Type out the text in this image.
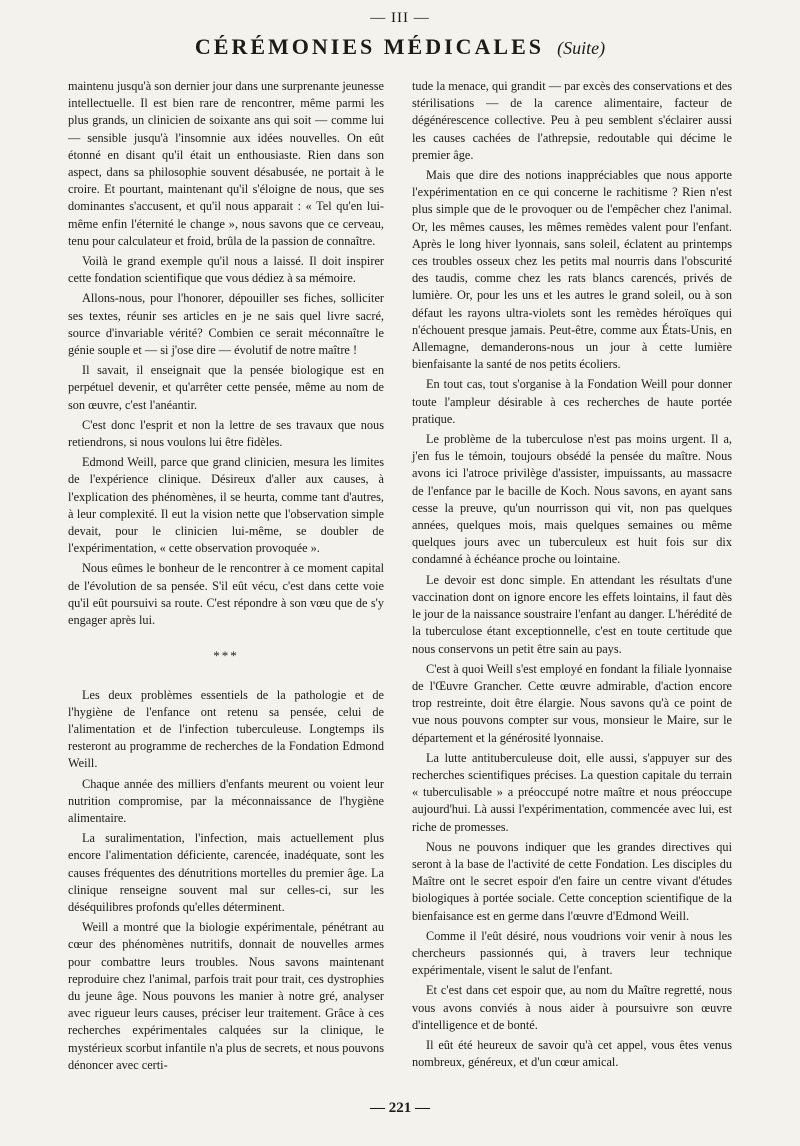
— III —
CÉRÉMONIES MÉDICALES (Suite)

maintenu jusqu'à son dernier jour dans une surprenante jeunesse intellectuelle. Il est bien rare de rencontrer, même parmi les plus grands, un clinicien de soixante ans qui soit — comme lui — sensible jusqu'à l'insomnie aux idées nouvelles. On eût étonné en disant qu'il était un enthousiaste. Rien dans son aspect, dans sa philosophie souvent désabusée, ne portait à le croire. Et pourtant, maintenant qu'il s'éloigne de nous, que ses dominantes s'accusent, et qu'il nous apparait : « Tel qu'en lui-même enfin l'éternité le change », nous savons que ce cerveau, tenu pour calculateur et froid, brûla de la passion de connaître.

Voilà le grand exemple qu'il nous a laissé. Il doit inspirer cette fondation scientifique que vous dédiez à sa mémoire.

Allons-nous, pour l'honorer, dépouiller ses fiches, solliciter ses textes, réunir ses articles en je ne sais quel livre sacré, source d'invariable vérité? Combien ce serait méconnaître le génie souple et — si j'ose dire — évolutif de notre maître !

Il savait, il enseignait que la pensée biologique est en perpétuel devenir, et qu'arrêter cette pensée, même au nom de son œuvre, c'est l'anéantir.

C'est donc l'esprit et non la lettre de ses travaux que nous retiendrons, si nous voulons lui être fidèles.

Edmond Weill, parce que grand clinicien, mesura les limites de l'expérience clinique. Désireux d'aller aux causes, à l'explication des phénomènes, il se heurta, comme tant d'autres, à leur complexité. Il eut la vision nette que l'observation simple devait, pour le clinicien lui-même, se doubler de l'expérimentation, « cette observation provoquée ».

Nous eûmes le bonheur de le rencontrer à ce moment capital de l'évolution de sa pensée. S'il eût vécu, c'est dans cette voie qu'il eût poursuivi sa route. C'est répondre à son vœu que de s'y engager après lui.

***

Les deux problèmes essentiels de la pathologie et de l'hygiène de l'enfance ont retenu sa pensée, celui de l'alimentation et de l'infection tuberculeuse. Longtemps ils resteront au programme de recherches de la Fondation Edmond Weill.

Chaque année des milliers d'enfants meurent ou voient leur nutrition compromise, par la méconnaissance de l'hygiène alimentaire.

La suralimentation, l'infection, mais actuellement plus encore l'alimentation déficiente, carencée, inadéquate, sont les causes fréquentes des dénutritions mortelles du premier âge. La clinique renseigne souvent mal sur celles-ci, sur les déséquilibres profonds qu'elles déterminent.

Weill a montré que la biologie expérimentale, pénétrant au cœur des phénomènes nutritifs, donnait de nouvelles armes pour combattre leurs troubles. Nous savons maintenant reproduire chez l'animal, parfois trait pour trait, ces dystrophies du jeune âge. Nous pouvons les manier à notre gré, analyser avec rigueur leurs causes, préciser leur traitement. Grâce à ces recherches expérimentales calquées sur la clinique, le mystérieux scorbut infantile n'a plus de secrets, et nous pouvons dénoncer avec certi-

tude la menace, qui grandit — par excès des conservations et des stérilisations — de la carence alimentaire, facteur de dégénérescence collective. Peu à peu semblent s'éclairer aussi les causes cachées de l'athrepsie, redoutable qui décime le premier âge.

Mais que dire des notions inappréciables que nous apporte l'expérimentation en ce qui concerne le rachitisme ? Rien n'est plus simple que de le provoquer ou de l'empêcher chez l'animal. Or, les mêmes causes, les mêmes remèdes valent pour l'enfant. Après le long hiver lyonnais, sans soleil, éclatent au printemps ces troubles osseux chez les petits mal nourris dans l'obscurité des taudis, comme chez les rats blancs carencés, privés de lumière. Or, pour les uns et les autres le grand soleil, ou à son défaut les rayons ultra-violets sont les remèdes héroïques qui n'échouent presque jamais. Peut-être, comme aux États-Unis, en Allemagne, demanderons-nous un jour à cette lumière bienfaisante la santé de nos petits écoliers.

En tout cas, tout s'organise à la Fondation Weill pour donner toute l'ampleur désirable à ces recherches de haute portée pratique.

Le problème de la tuberculose n'est pas moins urgent. Il a, j'en fus le témoin, toujours obsédé la pensée du maître. Nous avons ici l'atroce privilège d'assister, impuissants, au massacre de l'enfance par le bacille de Koch. Nous savons, en ayant sans cesse la preuve, qu'un nourrisson qui vit, non pas quelques années, quelques mois, mais quelques semaines ou même quelques jours avec un tuberculeux est huit fois sur dix condamné à échéance proche ou lointaine.

Le devoir est donc simple. En attendant les résultats d'une vaccination dont on ignore encore les effets lointains, il faut dès le jour de la naissance soustraire l'enfant au danger. L'hérédité de la tuberculose étant exceptionnelle, c'est en toute certitude que nous conservons un petit être sain au pays.

C'est à quoi Weill s'est employé en fondant la filiale lyonnaise de l'Œuvre Grancher. Cette œuvre admirable, d'action encore trop restreinte, doit être élargie. Nous savons qu'à ce point de vue nous pouvons compter sur vous, monsieur le Maire, sur le département et la générosité lyonnaise.

La lutte antituberculeuse doit, elle aussi, s'appuyer sur des recherches scientifiques précises. La question capitale du terrain « tuberculisable » a préoccupé notre maître et nous préoccupe aujourd'hui. Là aussi l'expérimentation, commencée avec lui, est riche de promesses.

Nous ne pouvons indiquer que les grandes directives qui seront à la base de l'activité de cette Fondation. Les disciples du Maître ont le secret espoir d'en faire un centre vivant d'études biologiques à portée sociale. Cette conception scientifique de la bienfaisance est en germe dans l'œuvre d'Edmond Weill.

Comme il l'eût désiré, nous voudrions voir venir à nous les chercheurs passionnés qui, à travers leur technique expérimentale, visent le salut de l'enfant.

Et c'est dans cet espoir que, au nom du Maître regretté, nous vous avons conviés à nous aider à poursuivre son œuvre d'intelligence et de bonté.

Il eût été heureux de savoir qu'à cet appel, vous êtes venus nombreux, généreux, et d'un cœur amical.

— 221 —
